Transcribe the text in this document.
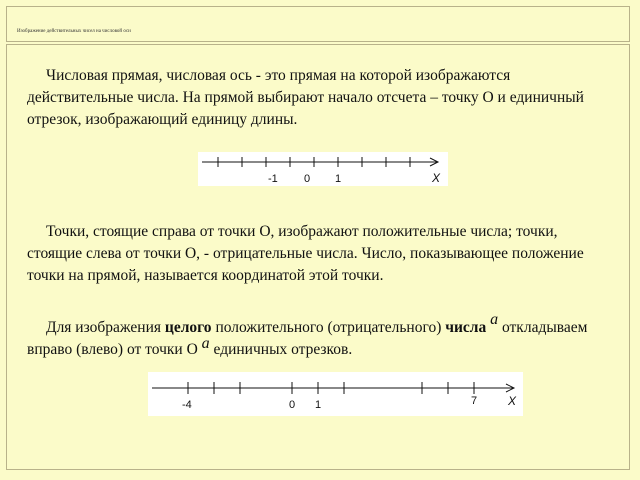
Изображение действительных чисел на числовой оси
Числовая прямая, числовая ось - это прямая на которой изображаются действительные числа. На прямой выбирают начало отсчета – точку О и единичный отрезок, изображающий единицу длины.
-1 0 1	X
Точки, стоящие справа от точки О, изображают положительные числа; точки, стоящие слева от точки О, - отрицательные числа. Число, показывающее положение точки на прямой, называется координатой этой точки.
Для изображения целого положительного (отрицательного) числа a откладываем вправо (влево) от точки О a единичных отрезков.
-4	0 1	7	X
